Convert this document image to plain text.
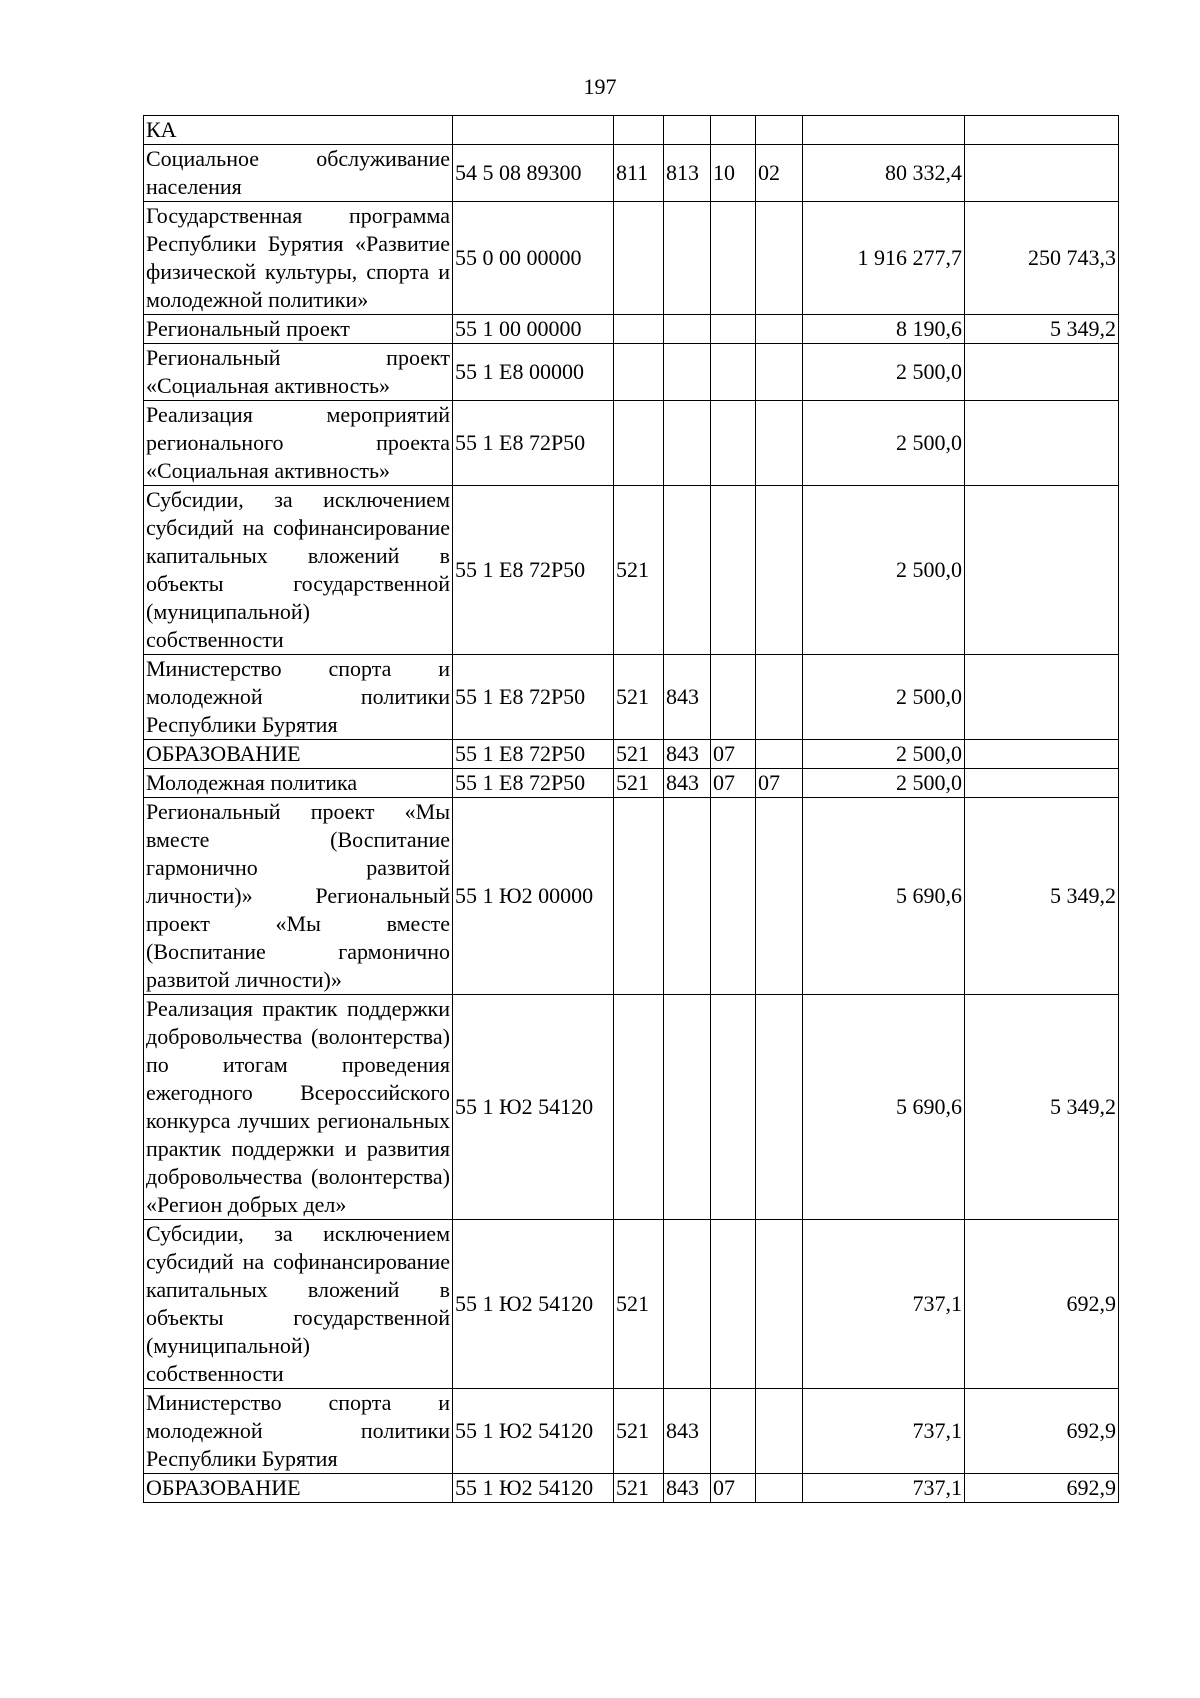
197
КА							
Социальное обслуживание населения	54 5 08 89300	811	813	10	02	80 332,4	
Государственная программа Республики Бурятия «Развитие физической культуры, спорта и молодежной политики»	55 0 00 00000					1 916 277,7	250 743,3
Региональный проект	55 1 00 00000					8 190,6	5 349,2
Региональный проект «Социальная активность»	55 1 E8 00000					2 500,0	
Реализация мероприятий регионального проекта «Социальная активность»	55 1 E8 72P50					2 500,0	
Субсидии, за исключением субсидий на софинансирование капитальных вложений в объекты государственной (муниципальной) собственности	55 1 E8 72P50	521				2 500,0	
Министерство спорта и молодежной политики Республики Бурятия	55 1 E8 72P50	521	843			2 500,0	
ОБРАЗОВАНИЕ	55 1 E8 72P50	521	843	07		2 500,0	
Молодежная политика	55 1 E8 72P50	521	843	07	07	2 500,0	
Региональный проект «Мы вместе (Воспитание гармонично развитой личности)» Региональный проект «Мы вместе (Воспитание гармонично развитой личности)»	55 1 Ю2 00000					5 690,6	5 349,2
Реализация практик поддержки добровольчества (волонтерства) по итогам проведения ежегодного Всероссийского конкурса лучших региональных практик поддержки и развития добровольчества (волонтерства) «Регион добрых дел»	55 1 Ю2 54120					5 690,6	5 349,2
Субсидии, за исключением субсидий на софинансирование капитальных вложений в объекты государственной (муниципальной) собственности	55 1 Ю2 54120	521				737,1	692,9
Министерство спорта и молодежной политики Республики Бурятия	55 1 Ю2 54120	521	843			737,1	692,9
ОБРАЗОВАНИЕ	55 1 Ю2 54120	521	843	07		737,1	692,9
